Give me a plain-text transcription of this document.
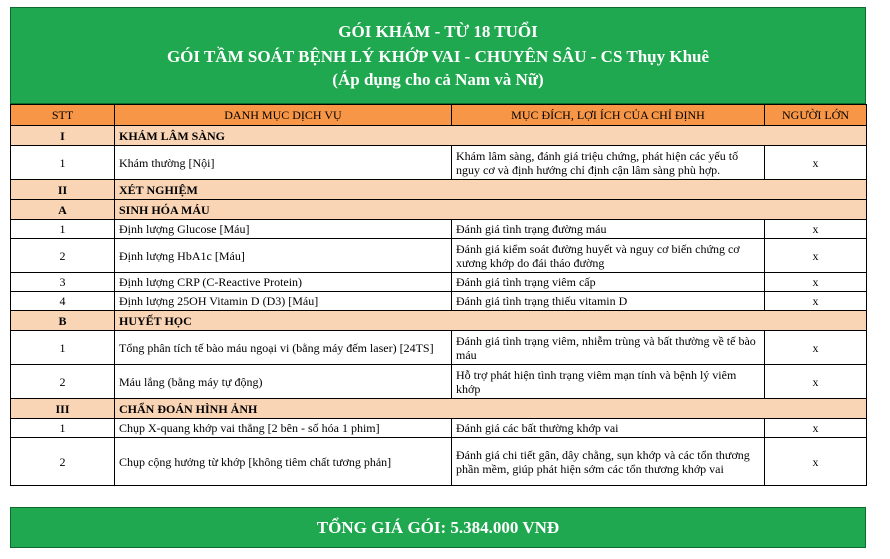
GÓI KHÁM - TỪ 18 TUỔI
GÓI TẦM SOÁT BỆNH LÝ KHỚP VAI - CHUYÊN SÂU - CS Thụy Khuê
(Áp dụng cho cả Nam và Nữ)
STT	DANH MỤC DỊCH VỤ	MỤC ĐÍCH, LỢI ÍCH CỦA CHỈ ĐỊNH	NGƯỜI LỚN
I	KHÁM LÂM SÀNG		
1	Khám thường [Nội]	Khám lâm sàng, đánh giá triệu chứng, phát hiện các yếu tố nguy cơ và định hướng chỉ định cận lâm sàng phù hợp.	x
II	XÉT NGHIỆM		
A	SINH HÓA MÁU		
1	Định lượng Glucose [Máu]	Đánh giá tình trạng đường máu	x
2	Định lượng HbA1c [Máu]	Đánh giá kiểm soát đường huyết và nguy cơ biến chứng cơ xương khớp do đái tháo đường	x
3	Định lượng CRP (C-Reactive Protein)	Đánh giá tình trạng viêm cấp	x
4	Định lượng 25OH Vitamin D (D3) [Máu]	Đánh giá tình trạng thiếu vitamin D	x
B	HUYẾT HỌC		
1	Tổng phân tích tế bào máu ngoại vi (bằng máy đếm laser) [24TS]	Đánh giá tình trạng viêm, nhiễm trùng và bất thường về tế bào máu	x
2	Máu lắng (bằng máy tự động)	Hỗ trợ phát hiện tình trạng viêm mạn tính và bệnh lý viêm khớp	x
III	CHẨN ĐOÁN HÌNH ẢNH		
1	Chụp X-quang khớp vai thẳng [2 bên - số hóa 1 phim]	Đánh giá các bất thường khớp vai	x
2	Chụp cộng hưởng từ khớp [không tiêm chất tương phản]	Đánh giá chi tiết gân, dây chằng, sụn khớp và các tổn thương phần mềm, giúp phát hiện sớm các tổn thương khớp vai	x
TỔNG GIÁ GÓI: 5.384.000 VNĐ
